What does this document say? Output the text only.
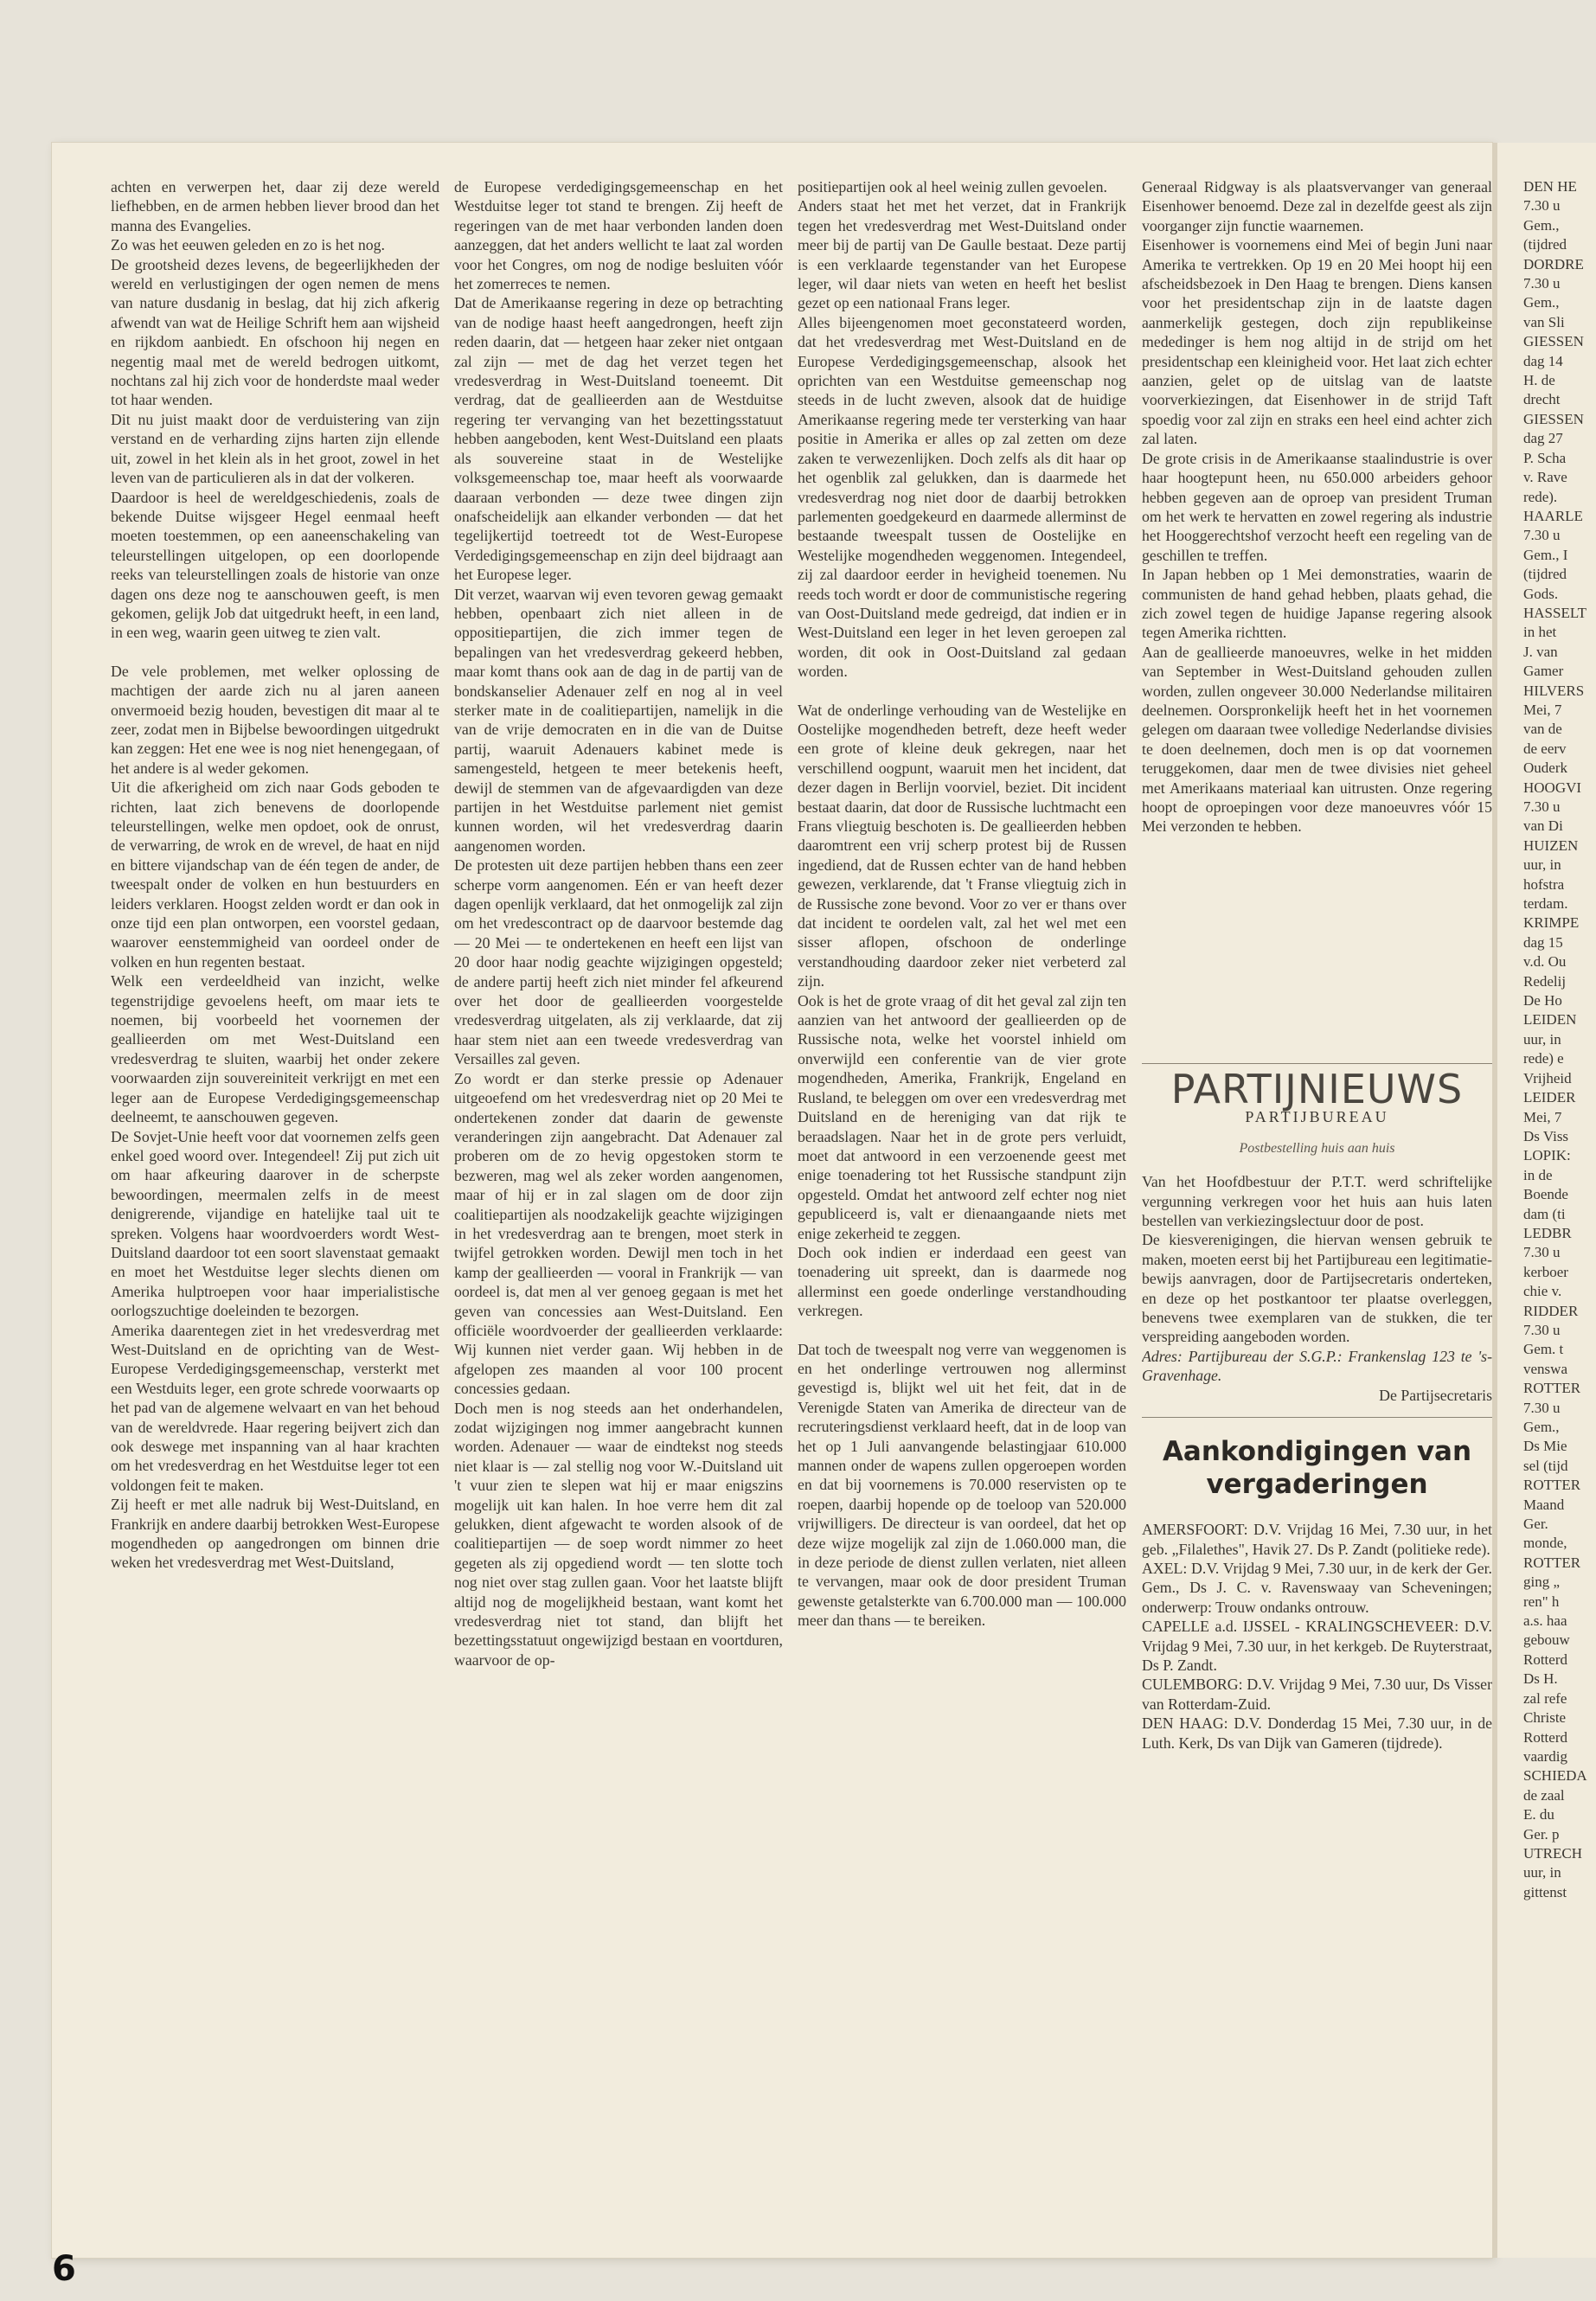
achten en verwerpen het, daar zij deze wereld liefhebben, en de armen hebben liever brood dan het manna des Evangelies.

Zo was het eeuwen geleden en zo is het nog.

De grootsheid dezes levens, de begeerlijkheden der wereld en verlustigingen der ogen nemen de mens van nature dusdanig in beslag, dat hij zich afkerig afwendt van wat de Heilige Schrift hem aan wijsheid en rijkdom aanbiedt. En ofschoon hij negen en negentig maal met de wereld bedrogen uitkomt, nochtans zal hij zich voor de honderdste maal weder tot haar wenden.

Dit nu juist maakt door de verduistering van zijn verstand en de verharding zijns harten zijn ellende uit, zowel in het klein als in het groot, zowel in het leven van de particulieren als in dat der volkeren.

Daardoor is heel de wereldgeschiedenis, zoals de bekende Duitse wijsgeer Hegel eenmaal heeft moeten toestemmen, op een aaneenschakeling van teleurstellingen uitgelopen, op een doorlopende reeks van teleurstellingen zoals de historie van onze dagen ons deze nog te aanschouwen geeft, is men gekomen, gelijk Job dat uitgedrukt heeft, in een land, in een weg, waarin geen uitweg te zien valt.

De vele problemen, met welker oplossing de machtigen der aarde zich nu al jaren aaneen onvermoeid bezig houden, bevestigen dit maar al te zeer, zodat men in Bijbelse bewoordingen uitgedrukt kan zeggen: Het ene wee is nog niet henengegaan, of het andere is al weder gekomen.

Uit die afkerigheid om zich naar Gods geboden te richten, laat zich benevens de doorlopende teleurstellingen, welke men opdoet, ook de onrust, de verwarring, de wrok en de wrevel, de haat en nijd en bittere vijandschap van de één tegen de ander, de tweespalt onder de volken en hun bestuurders en leiders verklaren. Hoogst zelden wordt er dan ook in onze tijd een plan ontworpen, een voorstel gedaan, waarover eenstemmigheid van oordeel onder de volken en hun regenten bestaat.

Welk een verdeeldheid van inzicht, welke tegenstrijdige gevoelens heeft, om maar iets te noemen, bij voorbeeld het voornemen der geallieerden om met West-Duitsland een vredesverdrag te sluiten, waarbij het onder zekere voorwaarden zijn souvereiniteit verkrijgt en met een leger aan de Europese Verdedigingsgemeenschap deelneemt, te aanschouwen gegeven.

De Sovjet-Unie heeft voor dat voornemen zelfs geen enkel goed woord over. Integendeel! Zij put zich uit om haar afkeuring daarover in de scherpste bewoordingen, meermalen zelfs in de meest denigrerende, vijandige en hatelijke taal uit te spreken. Volgens haar woordvoerders wordt West-Duitsland daardoor tot een soort slavenstaat gemaakt en moet het Westduitse leger slechts dienen om Amerika hulptroepen voor haar imperialistische oorlogszuchtige doeleinden te bezorgen.

Amerika daarentegen ziet in het vredesverdrag met West-Duitsland en de oprichting van de West-Europese Verdedigingsgemeenschap, versterkt met een Westduits leger, een grote schrede voorwaarts op het pad van de algemene welvaart en van het behoud van de wereldvrede. Haar regering beijvert zich dan ook deswege met inspanning van al haar krachten om het vredesverdrag en het Westduitse leger tot een voldongen feit te maken.

Zij heeft er met alle nadruk bij West-Duitsland, en Frankrijk en andere daarbij betrokken West-Europese mogendheden op aangedrongen om binnen drie weken het vredesverdrag met West-Duitsland,

de Europese verdedigingsgemeenschap en het Westduitse leger tot stand te brengen. Zij heeft de regeringen van de met haar verbonden landen doen aanzeggen, dat het anders wellicht te laat zal worden voor het Congres, om nog de nodige besluiten vóór het zomerreces te nemen.

Dat de Amerikaanse regering in deze op betrachting van de nodige haast heeft aangedrongen, heeft zijn reden daarin, dat — hetgeen haar zeker niet ontgaan zal zijn — met de dag het verzet tegen het vredesverdrag in West-Duitsland toeneemt. Dit verdrag, dat de geallieerden aan de Westduitse regering ter vervanging van het bezettingsstatuut hebben aangeboden, kent West-Duitsland een plaats als souvereine staat in de Westelijke volksgemeenschap toe, maar heeft als voorwaarde daaraan verbonden — deze twee dingen zijn onafscheidelijk aan elkander verbonden — dat het tegelijkertijd toetreedt tot de West-Europese Verdedigingsgemeenschap en zijn deel bijdraagt aan het Europese leger.

Dit verzet, waarvan wij even tevoren gewag gemaakt hebben, openbaart zich niet alleen in de oppositiepartijen, die zich immer tegen de bepalingen van het vredesverdrag gekeerd hebben, maar komt thans ook aan de dag in de partij van de bondskanselier Adenauer zelf en nog al in veel sterker mate in de coalitiepartijen, namelijk in die van de vrije democraten en in die van de Duitse partij, waaruit Adenauers kabinet mede is samengesteld, hetgeen te meer betekenis heeft, dewijl de stemmen van de afgevaardigden van deze partijen in het Westduitse parlement niet gemist kunnen worden, wil het vredesverdrag daarin aangenomen worden.

De protesten uit deze partijen hebben thans een zeer scherpe vorm aangenomen. Eén er van heeft dezer dagen openlijk verklaard, dat het onmogelijk zal zijn om het vredescontract op de daarvoor bestemde dag — 20 Mei — te ondertekenen en heeft een lijst van 20 door haar nodig geachte wijzigingen opgesteld; de andere partij heeft zich niet minder fel afkeurend over het door de geallieerden voorgestelde vredesverdrag uitgelaten, als zij verklaarde, dat zij haar stem niet aan een tweede vredesverdrag van Versailles zal geven.

Zo wordt er dan sterke pressie op Adenauer uitgeoefend om het vredesverdrag niet op 20 Mei te ondertekenen zonder dat daarin de gewenste veranderingen zijn aangebracht. Dat Adenauer zal proberen om de zo hevig opgestoken storm te bezweren, mag wel als zeker worden aangenomen, maar of hij er in zal slagen om de door zijn coalitiepartijen als noodzakelijk geachte wijzigingen in het vredesverdrag aan te brengen, moet sterk in twijfel getrokken worden. Dewijl men toch in het kamp der geallieerden — vooral in Frankrijk — van oordeel is, dat men al ver genoeg gegaan is met het geven van concessies aan West-Duitsland. Een officiële woordvoerder der geallieerden verklaarde: Wij kunnen niet verder gaan. Wij hebben in de afgelopen zes maanden al voor 100 procent concessies gedaan.

Doch men is nog steeds aan het onderhandelen, zodat wijzigingen nog immer aangebracht kunnen worden. Adenauer — waar de eindtekst nog steeds niet klaar is — zal stellig nog voor W.-Duitsland uit 't vuur zien te slepen wat hij er maar enigszins mogelijk uit kan halen. In hoe verre hem dit zal gelukken, dient afgewacht te worden alsook of de coalitiepartijen — de soep wordt nimmer zo heet gegeten als zij opgediend wordt — ten slotte toch nog niet over stag zullen gaan. Voor het laatste blijft altijd nog de mogelijkheid bestaan, want komt het vredesverdrag niet tot stand, dan blijft het bezettingsstatuut ongewijzigd bestaan en voortduren, waarvoor de op-

positiepartijen ook al heel weinig zullen gevoelen.

Anders staat het met het verzet, dat in Frankrijk tegen het vredesverdrag met West-Duitsland onder meer bij de partij van De Gaulle bestaat. Deze partij is een verklaarde tegenstander van het Europese leger, wil daar niets van weten en heeft het beslist gezet op een nationaal Frans leger.

Alles bijeengenomen moet geconstateerd worden, dat het vredesverdrag met West-Duitsland en de Europese Verdedigingsgemeenschap, alsook het oprichten van een Westduitse gemeenschap nog steeds in de lucht zweven, alsook dat de huidige Amerikaanse regering mede ter versterking van haar positie in Amerika er alles op zal zetten om deze zaken te verwezenlijken. Doch zelfs als dit haar op het ogenblik zal gelukken, dan is daarmede het vredesverdrag nog niet door de daarbij betrokken parlementen goedgekeurd en daarmede allerminst de bestaande tweespalt tussen de Oostelijke en Westelijke mogendheden weggenomen. Integendeel, zij zal daardoor eerder in hevigheid toenemen. Nu reeds toch wordt er door de communistische regering van Oost-Duitsland mede gedreigd, dat indien er in West-Duitsland een leger in het leven geroepen zal worden, dit ook in Oost-Duitsland zal gedaan worden.

Wat de onderlinge verhouding van de Westelijke en Oostelijke mogendheden betreft, deze heeft weder een grote of kleine deuk gekregen, naar het verschillend oogpunt, waaruit men het incident, dat dezer dagen in Berlijn voorviel, beziet. Dit incident bestaat daarin, dat door de Russische luchtmacht een Frans vliegtuig beschoten is. De geallieerden hebben daaromtrent een vrij scherp protest bij de Russen ingediend, dat de Russen echter van de hand hebben gewezen, verklarende, dat 't Franse vliegtuig zich in de Russische zone bevond. Voor zo ver er thans over dat incident te oordelen valt, zal het wel met een sisser aflopen, ofschoon de onderlinge verstandhouding daardoor zeker niet verbeterd zal zijn.

Ook is het de grote vraag of dit het geval zal zijn ten aanzien van het antwoord der geallieerden op de Russische nota, welke het voorstel inhield om onverwijld een conferentie van de vier grote mogendheden, Amerika, Frankrijk, Engeland en Rusland, te beleggen om over een vredesverdrag met Duitsland en de hereniging van dat rijk te beraadslagen. Naar het in de grote pers verluidt, moet dat antwoord in een verzoenende geest met enige toenadering tot het Russische standpunt zijn opgesteld. Omdat het antwoord zelf echter nog niet gepubliceerd is, valt er dienaangaande niets met enige zekerheid te zeggen.

Doch ook indien er inderdaad een geest van toenadering uit spreekt, dan is daarmede nog allerminst een goede onderlinge verstandhouding verkregen.

Dat toch de tweespalt nog verre van weggenomen is en het onderlinge vertrouwen nog allerminst gevestigd is, blijkt wel uit het feit, dat in de Verenigde Staten van Amerika de directeur van de recruteringsdienst verklaard heeft, dat in de loop van het op 1 Juli aanvangende belastingjaar 610.000 mannen onder de wapens zullen opgeroepen worden en dat bij voornemens is 70.000 reservisten op te roepen, daarbij hopende op de toeloop van 520.000 vrijwilligers. De directeur is van oordeel, dat het op deze wijze mogelijk zal zijn de 1.060.000 man, die in deze periode de dienst zullen verlaten, niet alleen te vervangen, maar ook de door president Truman gewenste getalsterkte van 6.700.000 man — 100.000 meer dan thans — te bereiken.

Generaal Ridgway is als plaatsvervanger van generaal Eisenhower benoemd. Deze zal in dezelfde geest als zijn voorganger zijn functie waarnemen.

Eisenhower is voornemens eind Mei of begin Juni naar Amerika te vertrekken. Op 19 en 20 Mei hoopt hij een afscheidsbezoek in Den Haag te brengen. Diens kansen voor het presidentschap zijn in de laatste dagen aanmerkelijk gestegen, doch zijn republikeinse mededinger is hem nog altijd in de strijd om het presidentschap een kleinigheid voor. Het laat zich echter aanzien, gelet op de uitslag van de laatste voorverkiezingen, dat Eisenhower in de strijd Taft spoedig voor zal zijn en straks een heel eind achter zich zal laten.

De grote crisis in de Amerikaanse staalindustrie is over haar hoogtepunt heen, nu 650.000 arbeiders gehoor hebben gegeven aan de oproep van president Truman om het werk te hervatten en zowel regering als industrie het Hooggerechtshof verzocht heeft een regeling van de geschillen te treffen.

In Japan hebben op 1 Mei demonstraties, waarin de communisten de hand gehad hebben, plaats gehad, die zich zowel tegen de huidige Japanse regering alsook tegen Amerika richtten.

Aan de geallieerde manoeuvres, welke in het midden van September in West-Duitsland gehouden zullen worden, zullen ongeveer 30.000 Nederlandse militairen deelnemen. Oorspronkelijk heeft het in het voornemen gelegen om daaraan twee volledige Nederlandse divisies te doen deelnemen, doch men is op dat voornemen teruggekomen, daar men de twee divisies niet geheel met Amerikaans materiaal kan uitrusten. Onze regering hoopt de oproepingen voor deze manoeuvres vóór 15 Mei verzonden te hebben.

PARTIJNIEUWS
PARTIJBUREAU
Postbestelling huis aan huis

Van het Hoofdbestuur der P.T.T. werd schriftelijke vergunning verkregen voor het huis aan huis laten bestellen van verkiezingslectuur door de post.

De kiesverenigingen, die hiervan wensen gebruik te maken, moeten eerst bij het Partijbureau een legitimatie-bewijs aanvragen, door de Partijsecretaris onderteken, en deze op het postkantoor ter plaatse overleggen, benevens twee exemplaren van de stukken, die ter verspreiding aangeboden worden.

Adres: Partijbureau der S.G.P.: Frankenslag 123 te 's-Gravenhage.

De Partijsecretaris

Aankondigingen van vergaderingen

AMERSFOORT: D.V. Vrijdag 16 Mei, 7.30 uur, in het geb. „Filalethes", Havik 27. Ds P. Zandt (politieke rede).

AXEL: D.V. Vrijdag 9 Mei, 7.30 uur, in de kerk der Ger. Gem., Ds J. C. v. Ravenswaay van Scheveningen; onderwerp: Trouw ondanks ontrouw.

CAPELLE a.d. IJSSEL - KRALINGSCHEVEER: D.V. Vrijdag 9 Mei, 7.30 uur, in het kerkgeb. De Ruyterstraat, Ds P. Zandt.

CULEMBORG: D.V. Vrijdag 9 Mei, 7.30 uur, Ds Visser van Rotterdam-Zuid.

DEN HAAG: D.V. Donderdag 15 Mei, 7.30 uur, in de Luth. Kerk, Ds van Dijk van Gameren (tijdrede).

DEN HE
7.30 u
Gem.,
(tijdred
DORDRE
7.30 u
Gem.,
van Sli
GIESSEN
dag 14
H. de
drecht
GIESSEN
dag 27
P. Scha
v. Rave
rede).
HAARLE
7.30 u
Gem., I
(tijdred
Gods.
HASSELT
in het
J. van
Gamer
HILVERS
Mei, 7
van de
de eerv
Ouderk
HOOGVI
7.30 u
van Di
HUIZEN
uur, in
hofstra
terdam.
KRIMPE
dag 15
v.d. Ou
Redelij
De Ho
LEIDEN
uur, in
rede) e
Vrijheid
LEIDER
Mei, 7
Ds Viss
LOPIK:
in de
Boende
dam (ti
LEDBR
7.30 u
kerboer
chie v.
RIDDER
7.30 u
Gem. t
venswa
ROTTER
7.30 u
Gem.,
Ds Mie
sel (tijd
ROTTER
Maand
Ger.
monde,
ROTTER
ging „
ren" h
a.s. haa
gebouw
Rotterd
Ds H.
zal refe
Christe
Rotterd
vaardig
SCHIEDA
de zaal
E. du
Ger. p
UTRECH
uur, in
gittenst
6
